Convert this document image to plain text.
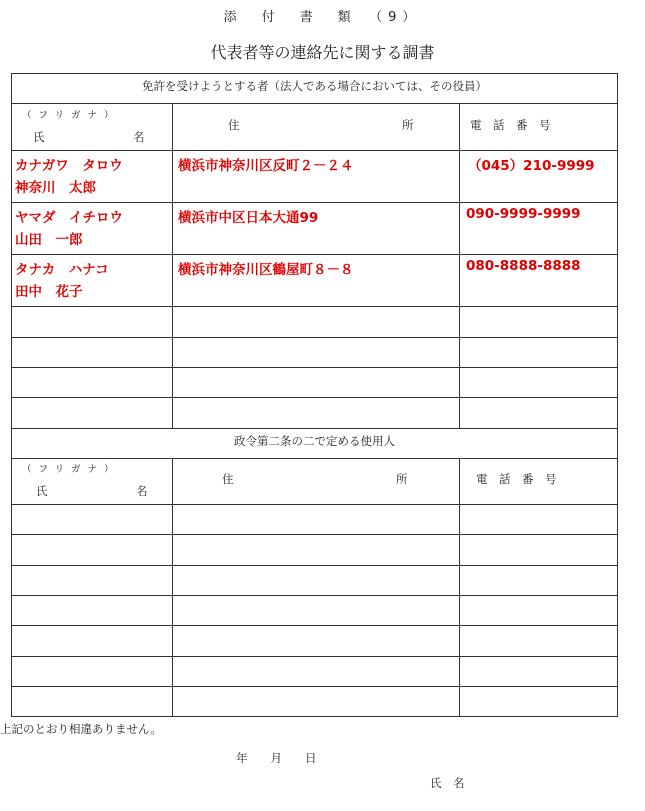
添　付　書　類　（9）
代表者等の連絡先に関する調書
免許を受けようとする者（法人である場合においては、その役員）
（フリガナ）
氏	名
住	所	電　話　番　号
カナガワ　タロウ
神奈川　太郎
横浜市神奈川区反町２－２４	（045）210-9999
ヤマダ　イチロウ
山田　一郎
横浜市中区日本大通99	090-9999-9999
タナカ　ハナコ
田中　花子
横浜市神奈川区鶴屋町８－８	080-8888-8888
政令第二条の二で定める使用人
（フリガナ）
氏	名
住	所	電　話　番　号
上記のとおり相違ありません。
年　　月　　日
氏　名
